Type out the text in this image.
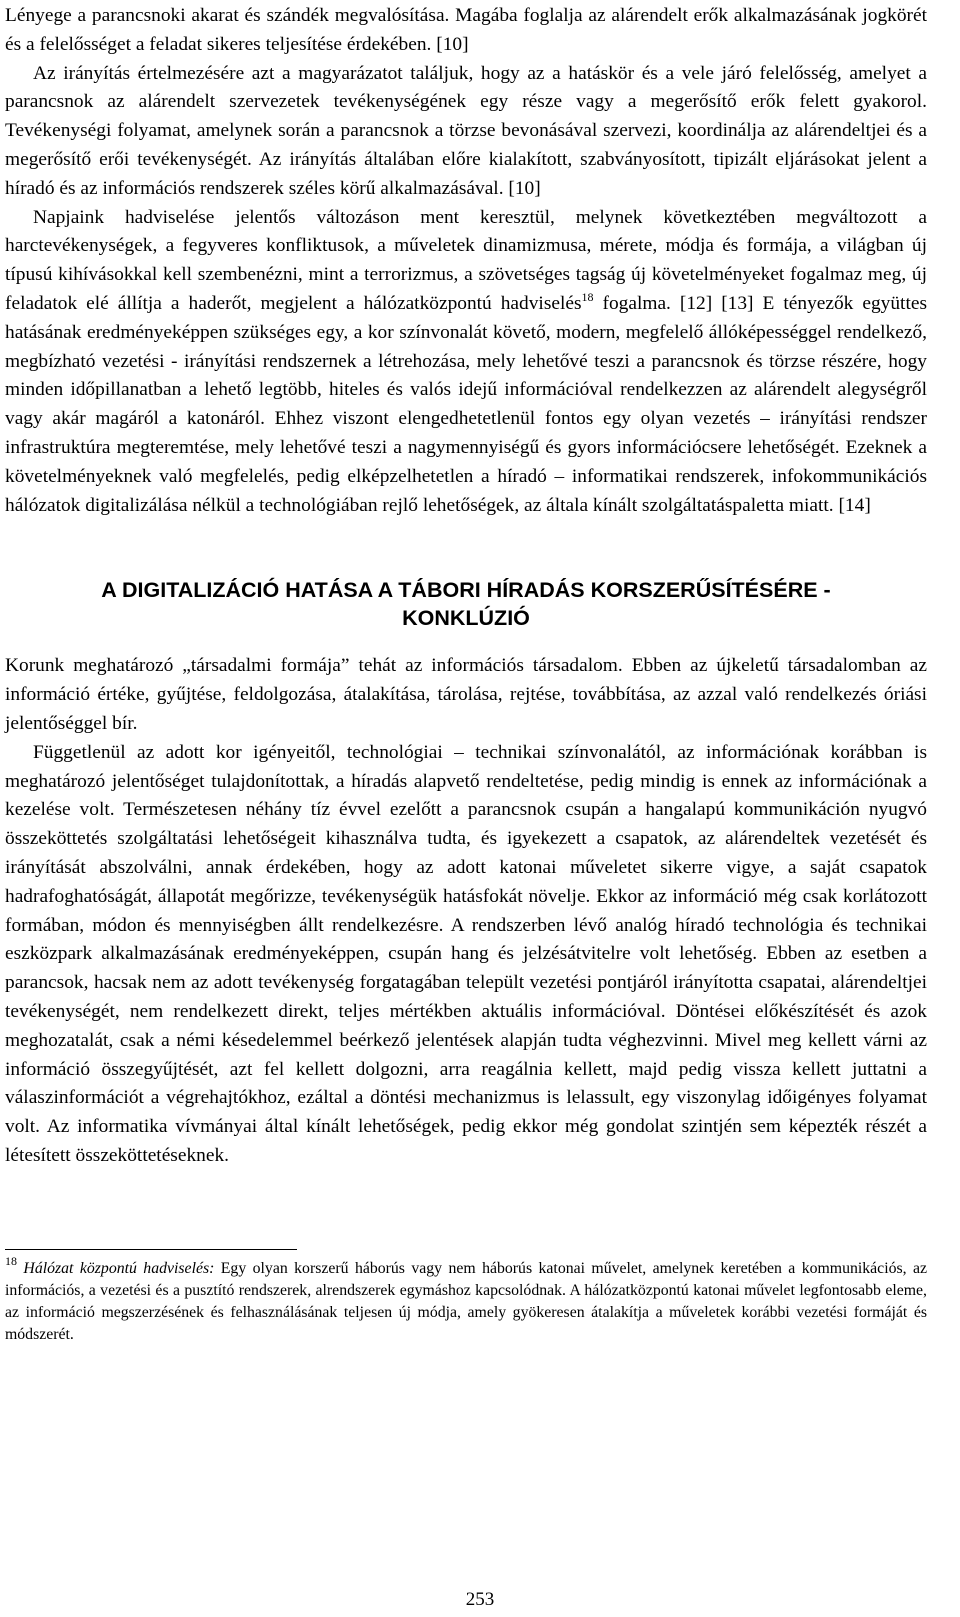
Lényege a parancsnoki akarat és szándék megvalósítása. Magába foglalja az alárendelt erők alkalmazásának jogkörét és a felelősséget a feladat sikeres teljesítése érdekében. [10]

Az irányítás értelmezésére azt a magyarázatot találjuk, hogy az a hatáskör és a vele járó felelősség, amelyet a parancsnok az alárendelt szervezetek tevékenységének egy része vagy a megerősítő erők felett gyakorol. Tevékenységi folyamat, amelynek során a parancsnok a törzse bevonásával szervezi, koordinálja az alárendeltjei és a megerősítő erői tevékenységét. Az irányítás általában előre kialakított, szabványosított, tipizált eljárásokat jelent a híradó és az információs rendszerek széles körű alkalmazásával. [10]

Napjaink hadviselése jelentős változáson ment keresztül, melynek következtében megváltozott a harctevékenységek, a fegyveres konfliktusok, a műveletek dinamizmusa, mérete, módja és formája, a világban új típusú kihívásokkal kell szembenézni, mint a terrorizmus, a szövetséges tagság új követelményeket fogalmaz meg, új feladatok elé állítja a haderőt, megjelent a hálózatközpontú hadviselés$^{18}$ fogalma. [12] [13] E tényezők együttes hatásának eredményeképpen szükséges egy, a kor színvonalát követő, modern, megfelelő állóképességgel rendelkező, megbízható vezetési - irányítási rendszernek a létrehozása, mely lehetővé teszi a parancsnok és törzse részére, hogy minden időpillanatban a lehető legtöbb, hiteles és valós idejű információval rendelkezzen az alárendelt alegységről vagy akár magáról a katonáról. Ehhez viszont elengedhetetlenül fontos egy olyan vezetés – irányítási rendszer infrastruktúra megteremtése, mely lehetővé teszi a nagymennyiségű és gyors információcsere lehetőségét. Ezeknek a követelményeknek való megfelelés, pedig elképzelhetetlen a híradó – informatikai rendszerek, infokommunikációs hálózatok digitalizálása nélkül a technológiában rejlő lehetőségek, az általa kínált szolgáltatáspaletta miatt. [14]

A DIGITALIZÁCIÓ HATÁSA A TÁBORI HÍRADÁS KORSZERŰSÍTÉSÉRE -
KONKLÚZIÓ

Korunk meghatározó „társadalmi formája” tehát az információs társadalom. Ebben az újkeletű társadalomban az információ értéke, gyűjtése, feldolgozása, átalakítása, tárolása, rejtése, továbbítása, az azzal való rendelkezés óriási jelentőséggel bír.

Függetlenül az adott kor igényeitől, technológiai – technikai színvonalától, az információnak korábban is meghatározó jelentőséget tulajdonítottak, a híradás alapvető rendeltetése, pedig mindig is ennek az információnak a kezelése volt. Természetesen néhány tíz évvel ezelőtt a parancsnok csupán a hangalapú kommunikáción nyugvó összeköttetés szolgáltatási lehetőségeit kihasználva tudta, és igyekezett a csapatok, az alárendeltek vezetését és irányítását abszolválni, annak érdekében, hogy az adott katonai műveletet sikerre vigye, a saját csapatok hadrafoghatóságát, állapotát megőrizze, tevékenységük hatásfokát növelje. Ekkor az információ még csak korlátozott formában, módon és mennyiségben állt rendelkezésre. A rendszerben lévő analóg híradó technológia és technikai eszközpark alkalmazásának eredményeképpen, csupán hang és jelzésátvitelre volt lehetőség. Ebben az esetben a parancsok, hacsak nem az adott tevékenység forgatagában települt vezetési pontjáról irányította csapatai, alárendeltjei tevékenységét, nem rendelkezett direkt, teljes mértékben aktuális információval. Döntései előkészítését és azok meghozatalát, csak a némi késedelemmel beérkező jelentések alapján tudta véghezvinni. Mivel meg kellett várni az információ összegyűjtését, azt fel kellett dolgozni, arra reagálnia kellett, majd pedig vissza kellett juttatni a válaszinformációt a végrehajtókhoz, ezáltal a döntési mechanizmus is lelassult, egy viszonylag időigényes folyamat volt. Az informatika vívmányai által kínált lehetőségek, pedig ekkor még gondolat szintjén sem képezték részét a létesített összeköttetéseknek.

$^{18}$ Hálózat központú hadviselés: Egy olyan korszerű háborús vagy nem háborús katonai művelet, amelynek keretében a kommunikációs, az információs, a vezetési és a pusztító rendszerek, alrendszerek egymáshoz kapcsolódnak. A hálózatközpontú katonai művelet legfontosabb eleme, az információ megszerzésének és felhasználásának teljesen új módja, amely gyökeresen átalakítja a műveletek korábbi vezetési formáját és módszerét.

253
